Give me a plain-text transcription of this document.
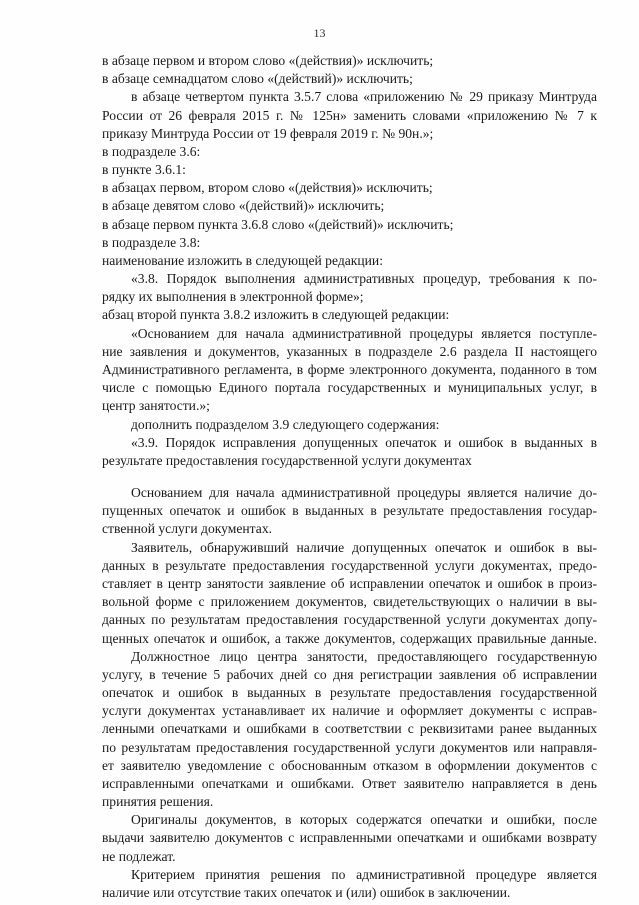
13
в абзаце первом и втором слово «(действия)» исключить;
в абзаце семнадцатом слово «(действий)» исключить;
в абзаце четвертом пункта 3.5.7 слова «приложению № 29 приказу Минтруда
России от 26 февраля 2015 г. № 125н» заменить словами «приложению № 7 к
приказу Минтруда России от 19 февраля 2019 г. № 90н.»;
в подразделе 3.6:
в пункте 3.6.1:
в абзацах первом, втором слово «(действия)» исключить;
в абзаце девятом слово «(действий)» исключить;
в абзаце первом пункта 3.6.8 слово «(действий)» исключить;
в подразделе 3.8:
наименование изложить в следующей редакции:
«3.8. Порядок выполнения административных процедур, требования к по-
рядку их выполнения в электронной форме»;
абзац второй пункта 3.8.2 изложить в следующей редакции:
«Основанием для начала административной процедуры является поступле-
ние заявления и документов, указанных в подразделе 2.6 раздела II настоящего
Административного регламента, в форме электронного документа, поданного в том
числе с помощью Единого портала государственных и муниципальных услуг, в
центр занятости.»;
дополнить подразделом 3.9 следующего содержания:
«3.9. Порядок исправления допущенных опечаток и ошибок в выданных в
результате предоставления государственной услуги документах
Основанием для начала административной процедуры является наличие до-
пущенных опечаток и ошибок в выданных в результате предоставления государ-
ственной услуги документах.
Заявитель, обнаруживший наличие допущенных опечаток и ошибок в вы-
данных в результате предоставления государственной услуги документах, предо-
ставляет в центр занятости заявление об исправлении опечаток и ошибок в произ-
вольной форме с приложением документов, свидетельствующих о наличии в вы-
данных по результатам предоставления государственной услуги документах допу-
щенных опечаток и ошибок, а также документов, содержащих правильные данные.
Должностное лицо центра занятости, предоставляющего государственную
услугу, в течение 5 рабочих дней со дня регистрации заявления об исправлении
опечаток и ошибок в выданных в результате предоставления государственной
услуги документах устанавливает их наличие и оформляет документы с исправ-
ленными опечатками и ошибками в соответствии с реквизитами ранее выданных
по результатам предоставления государственной услуги документов или направля-
ет заявителю уведомление с обоснованным отказом в оформлении документов с
исправленными опечатками и ошибками. Ответ заявителю направляется в день
принятия решения.
Оригиналы документов, в которых содержатся опечатки и ошибки, после
выдачи заявителю документов с исправленными опечатками и ошибками возврату
не подлежат.
Критерием принятия решения по административной процедуре является
наличие или отсутствие таких опечаток и (или) ошибок в заключении.
